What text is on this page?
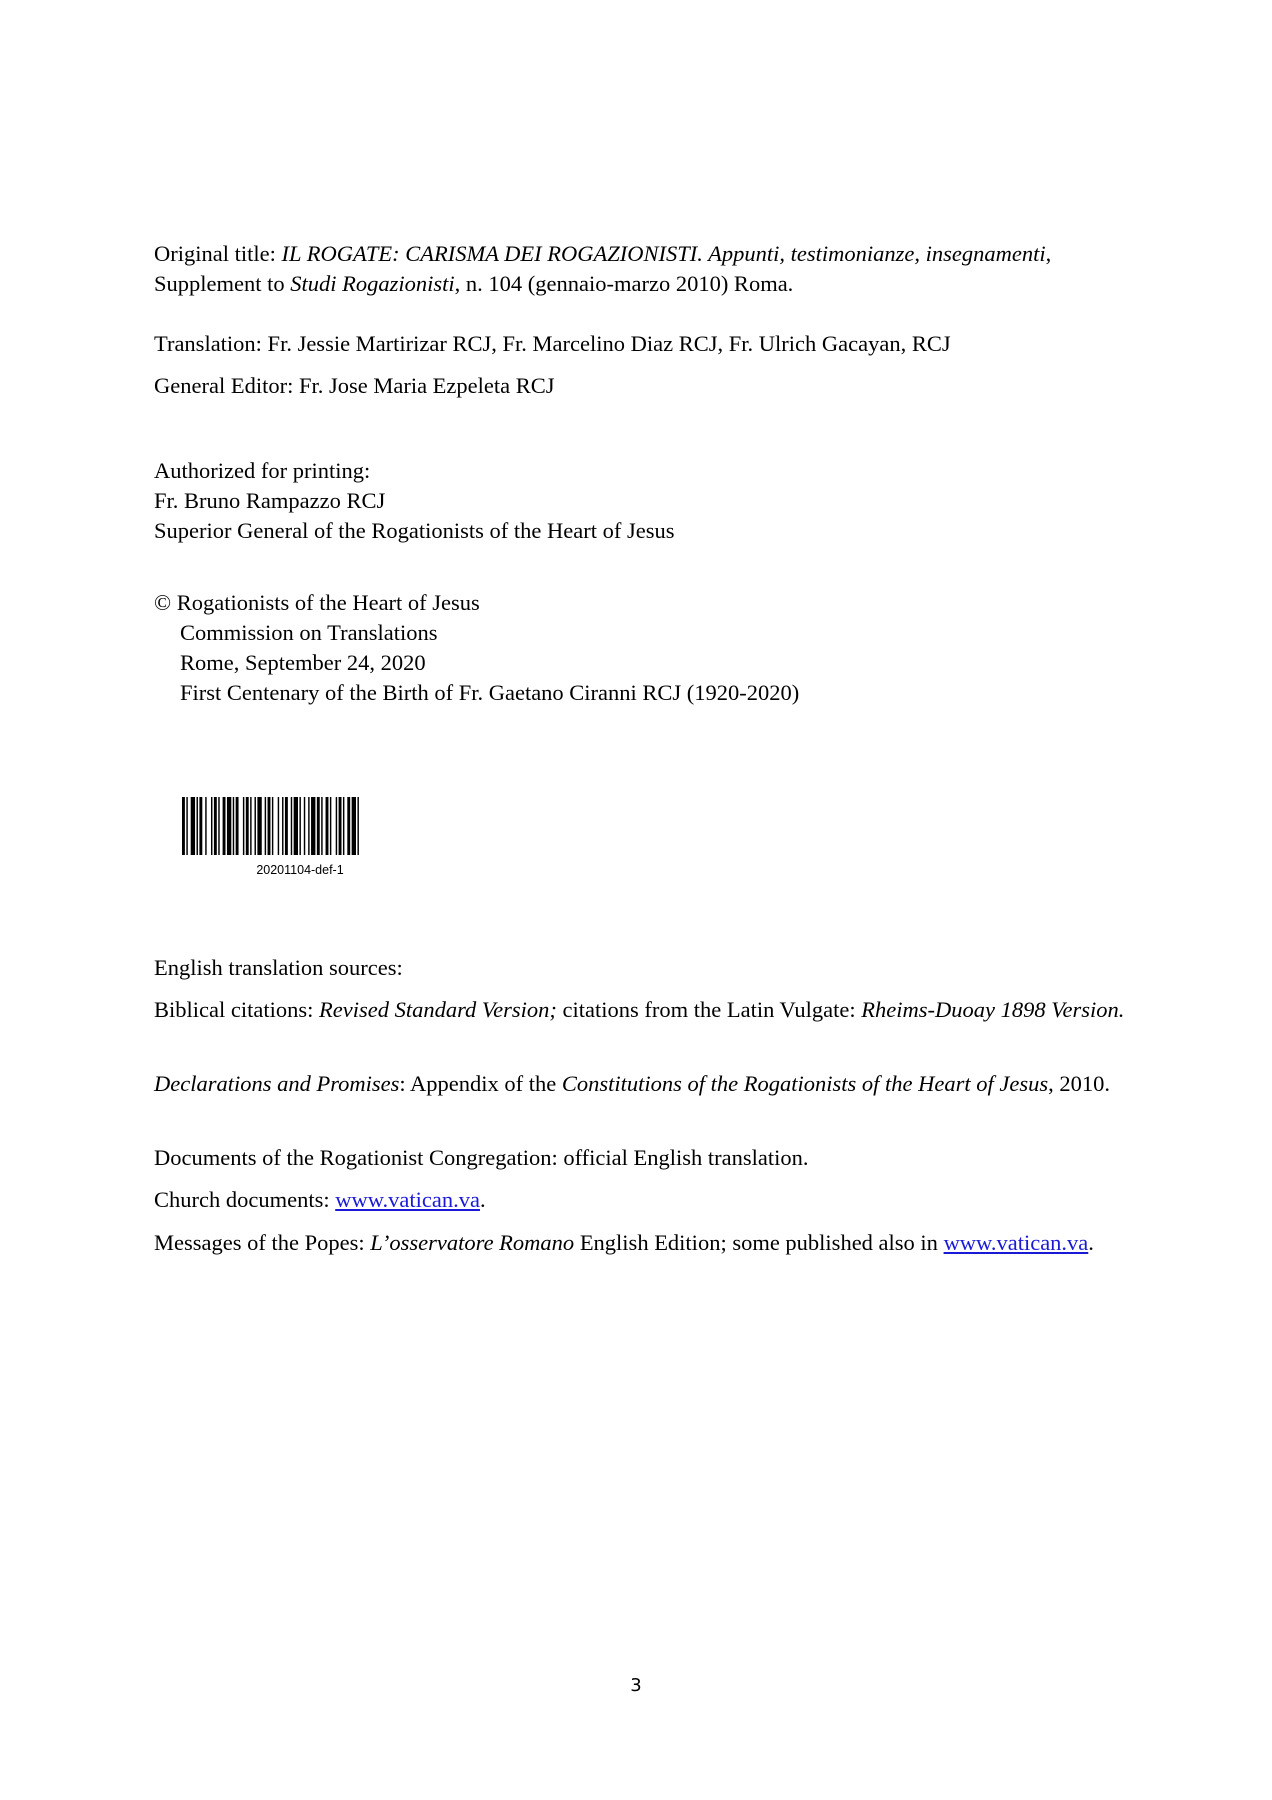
Original title: IL ROGATE: CARISMA DEI ROGAZIONISTI. Appunti, testimonianze, insegnamenti, Supplement to Studi Rogazionisti, n. 104 (gennaio-marzo 2010) Roma.
Translation: Fr. Jessie Martirizar RCJ, Fr. Marcelino Diaz RCJ, Fr. Ulrich Gacayan, RCJ
General Editor: Fr. Jose Maria Ezpeleta RCJ
Authorized for printing:
Fr. Bruno Rampazzo RCJ
Superior General of the Rogationists of the Heart of Jesus
© Rogationists of the Heart of Jesus
Commission on Translations
Rome, September 24, 2020
First Centenary of the Birth of Fr. Gaetano Ciranni RCJ (1920-2020)
20201104-def-1
English translation sources:
Biblical citations: Revised Standard Version; citations from the Latin Vulgate: Rheims-Duoay 1898 Version.
Declarations and Promises: Appendix of the Constitutions of the Rogationists of the Heart of Jesus, 2010.
Documents of the Rogationist Congregation: official English translation.
Church documents: www.vatican.va.
Messages of the Popes: L’osservatore Romano English Edition; some published also in www.vatican.va.
3
